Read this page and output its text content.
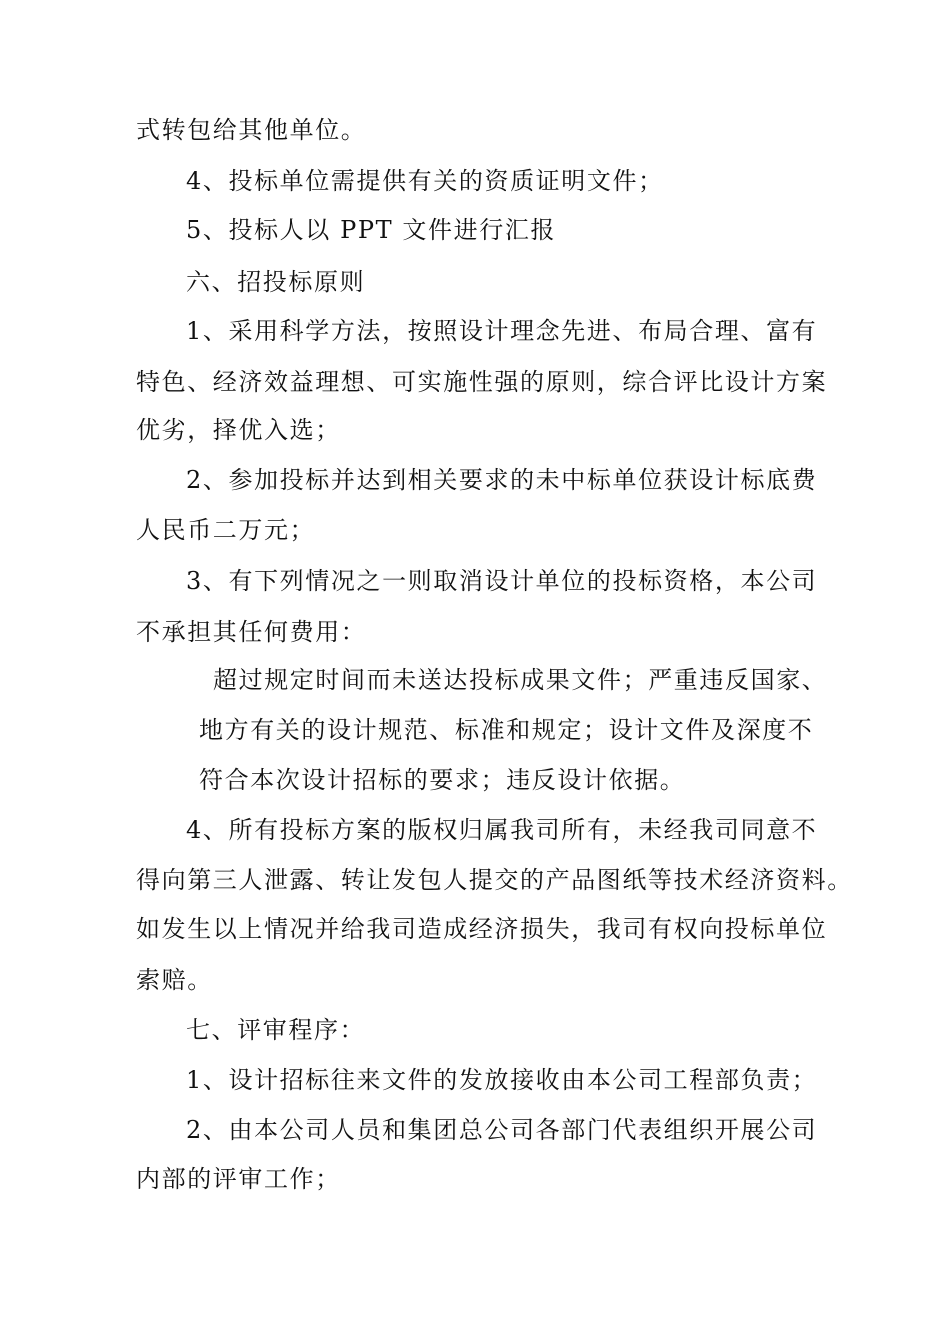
式转包给其他单位。
4、投标单位需提供有关的资质证明文件；
5、投标人以 PPT 文件进行汇报
六、招投标原则
1、采用科学方法，按照设计理念先进、布局合理、富有
特色、经济效益理想、可实施性强的原则，综合评比设计方案
优劣，择优入选；
2、参加投标并达到相关要求的未中标单位获设计标底费
人民币二万元；
3、有下列情况之一则取消设计单位的投标资格，本公司
不承担其任何费用：
超过规定时间而未送达投标成果文件；严重违反国家、
地方有关的设计规范、标准和规定；设计文件及深度不
符合本次设计招标的要求；违反设计依据。
4、所有投标方案的版权归属我司所有，未经我司同意不
得向第三人泄露、转让发包人提交的产品图纸等技术经济资料。
如发生以上情况并给我司造成经济损失，我司有权向投标单位
索赔。
七、评审程序：
1、设计招标往来文件的发放接收由本公司工程部负责；
2、由本公司人员和集团总公司各部门代表组织开展公司
内部的评审工作；
